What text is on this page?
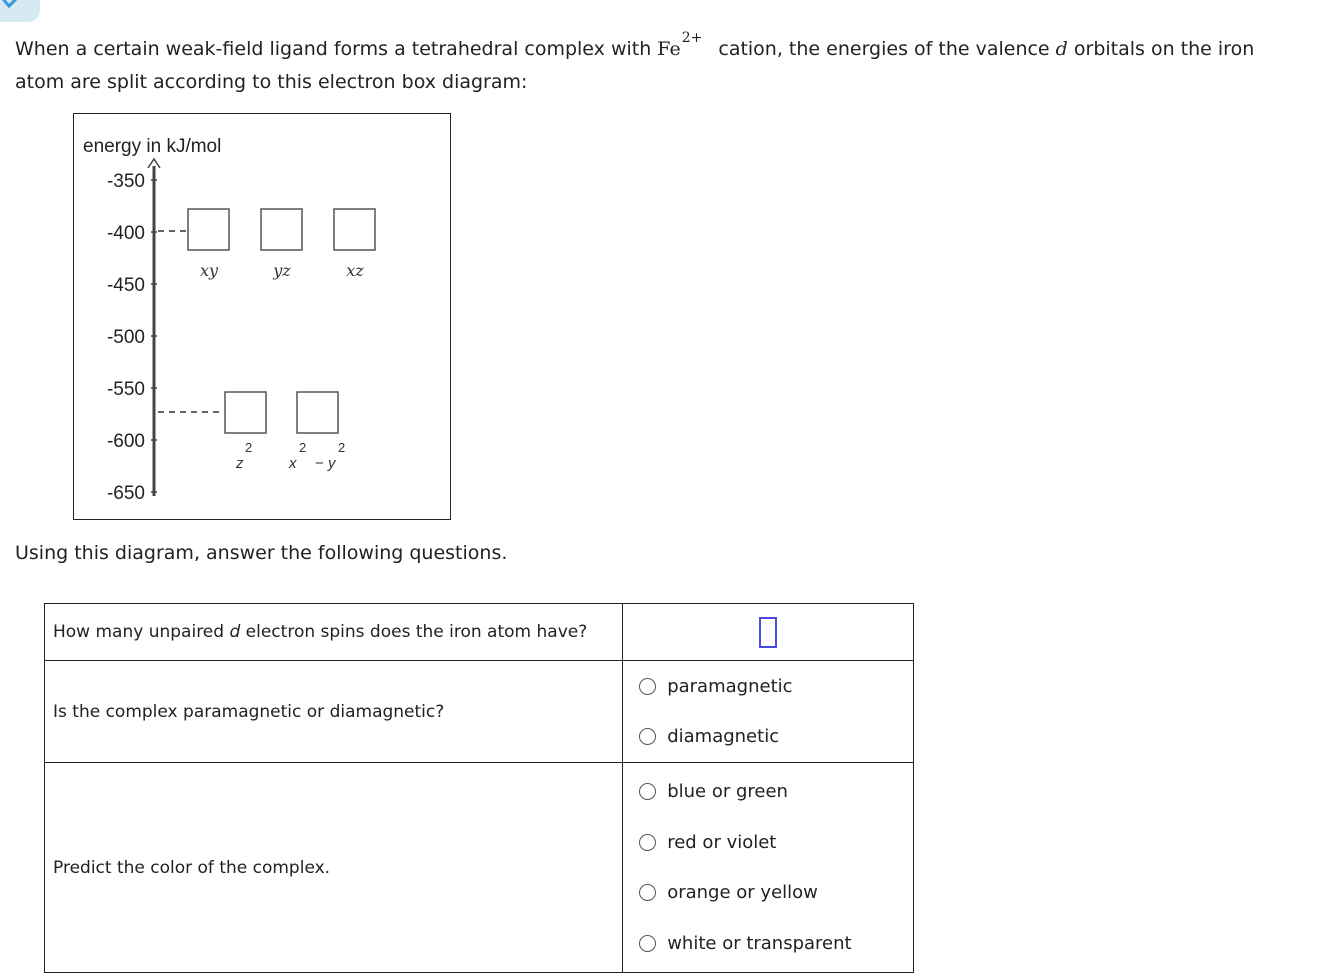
When a certain weak-field ligand forms a tetrahedral complex with $Fe^{2+}$ cation, the energies of the valence d orbitals on the iron atom are split according to this electron box diagram:
energy in kJ/mol
-350
-400
-450
-500
-550
-600
-650
xy	yz	xz
z
2
x
2
− y
2
Using this diagram, answer the following questions.
How many unpaired d electron spins does the iron atom have?	

Is the complex paramagnetic or diamagnetic?	paramagnetic
diamagnetic

Predict the color of the complex.	blue or green
red or violet
orange or yellow
white or transparent
